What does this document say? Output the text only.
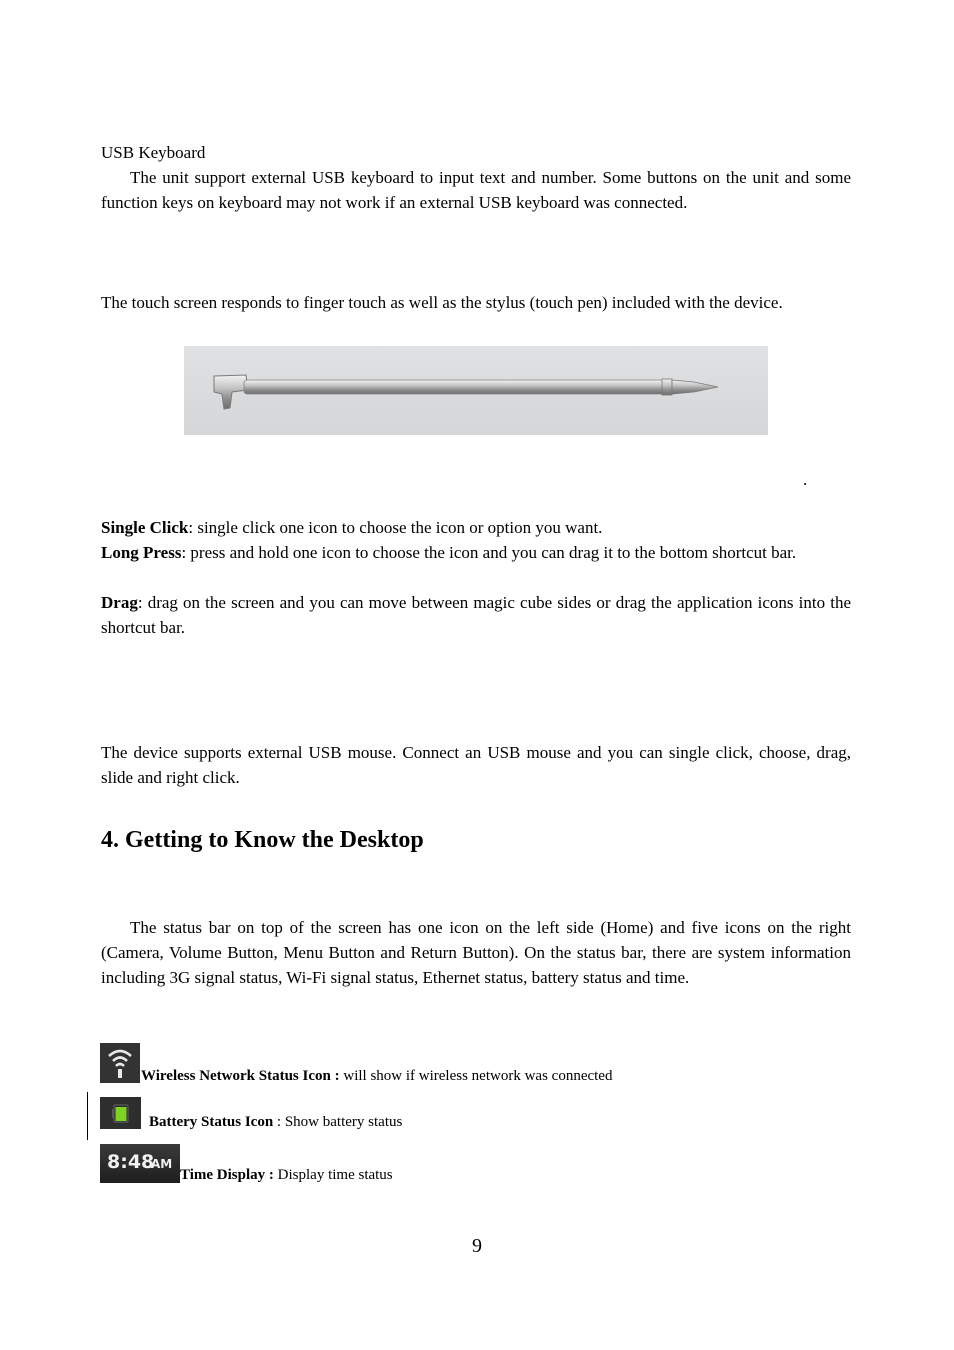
USB Keyboard

The unit support external USB keyboard to input text and number. Some buttons on the unit and some function keys on keyboard may not work if an external USB keyboard was connected.

The touch screen responds to finger touch as well as the stylus (touch pen) included with the device.

.

Single Click: single click one icon to choose the icon or option you want.

Long Press: press and hold one icon to choose the icon and you can drag it to the bottom shortcut bar.

Drag: drag on the screen and you can move between magic cube sides or drag the application icons into the shortcut bar.

The device supports external USB mouse. Connect an USB mouse and you can single click, choose, drag, slide and right click.

4. Getting to Know the Desktop

The status bar on top of the screen has one icon on the left side (Home) and five icons on the right (Camera, Volume Button, Menu Button and Return Button). On the status bar, there are system information including 3G signal status, Wi-Fi signal status, Ethernet status, battery status and time.

Wireless Network Status Icon : will show if wireless network was connected
Battery Status Icon : Show battery status
8:48
AM
Time Display : Display time status
9
